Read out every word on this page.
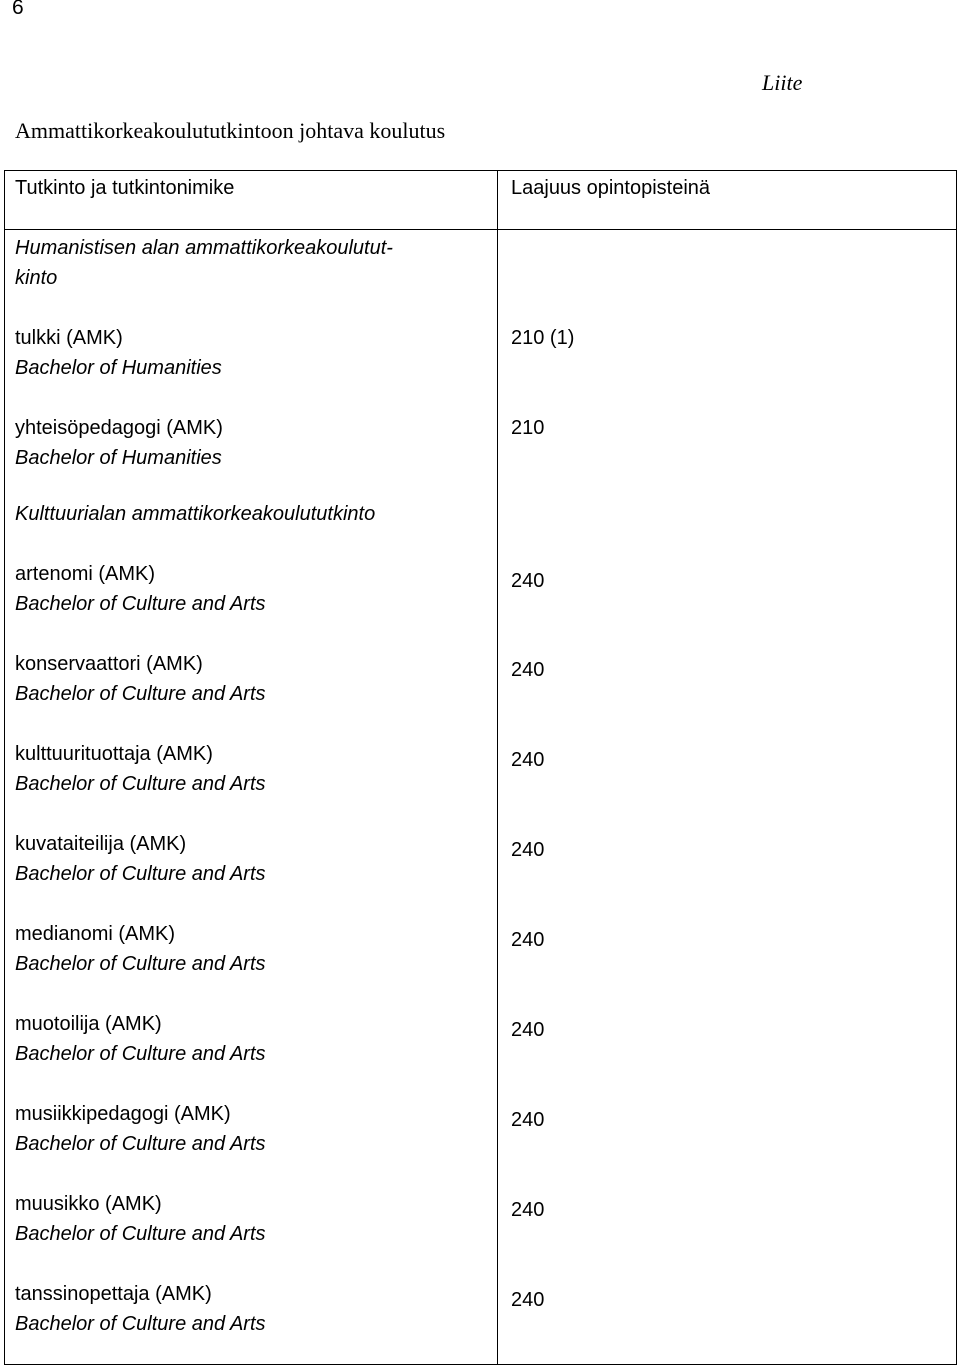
6
Liite
Ammattikorkeakoulututkintoon johtava koulutus
Tutkinto ja tutkintonimike	Laajuus opintopisteinä
Humanistisen alan ammattikorkeakoulutut-
kinto
tulkki (AMK)
Bachelor of Humanities
210 (1)
yhteisöpedagogi (AMK)
Bachelor of Humanities
210
Kulttuurialan ammattikorkeakoulututkinto
artenomi (AMK)
Bachelor of Culture and Arts
240
konservaattori (AMK)
Bachelor of Culture and Arts
240
kulttuurituottaja (AMK)
Bachelor of Culture and Arts
240
kuvataiteilija (AMK)
Bachelor of Culture and Arts
240
medianomi (AMK)
Bachelor of Culture and Arts
240
muotoilija (AMK)
Bachelor of Culture and Arts
240
musiikkipedagogi (AMK)
Bachelor of Culture and Arts
240
muusikko (AMK)
Bachelor of Culture and Arts
240
tanssinopettaja (AMK)
Bachelor of Culture and Arts
240
